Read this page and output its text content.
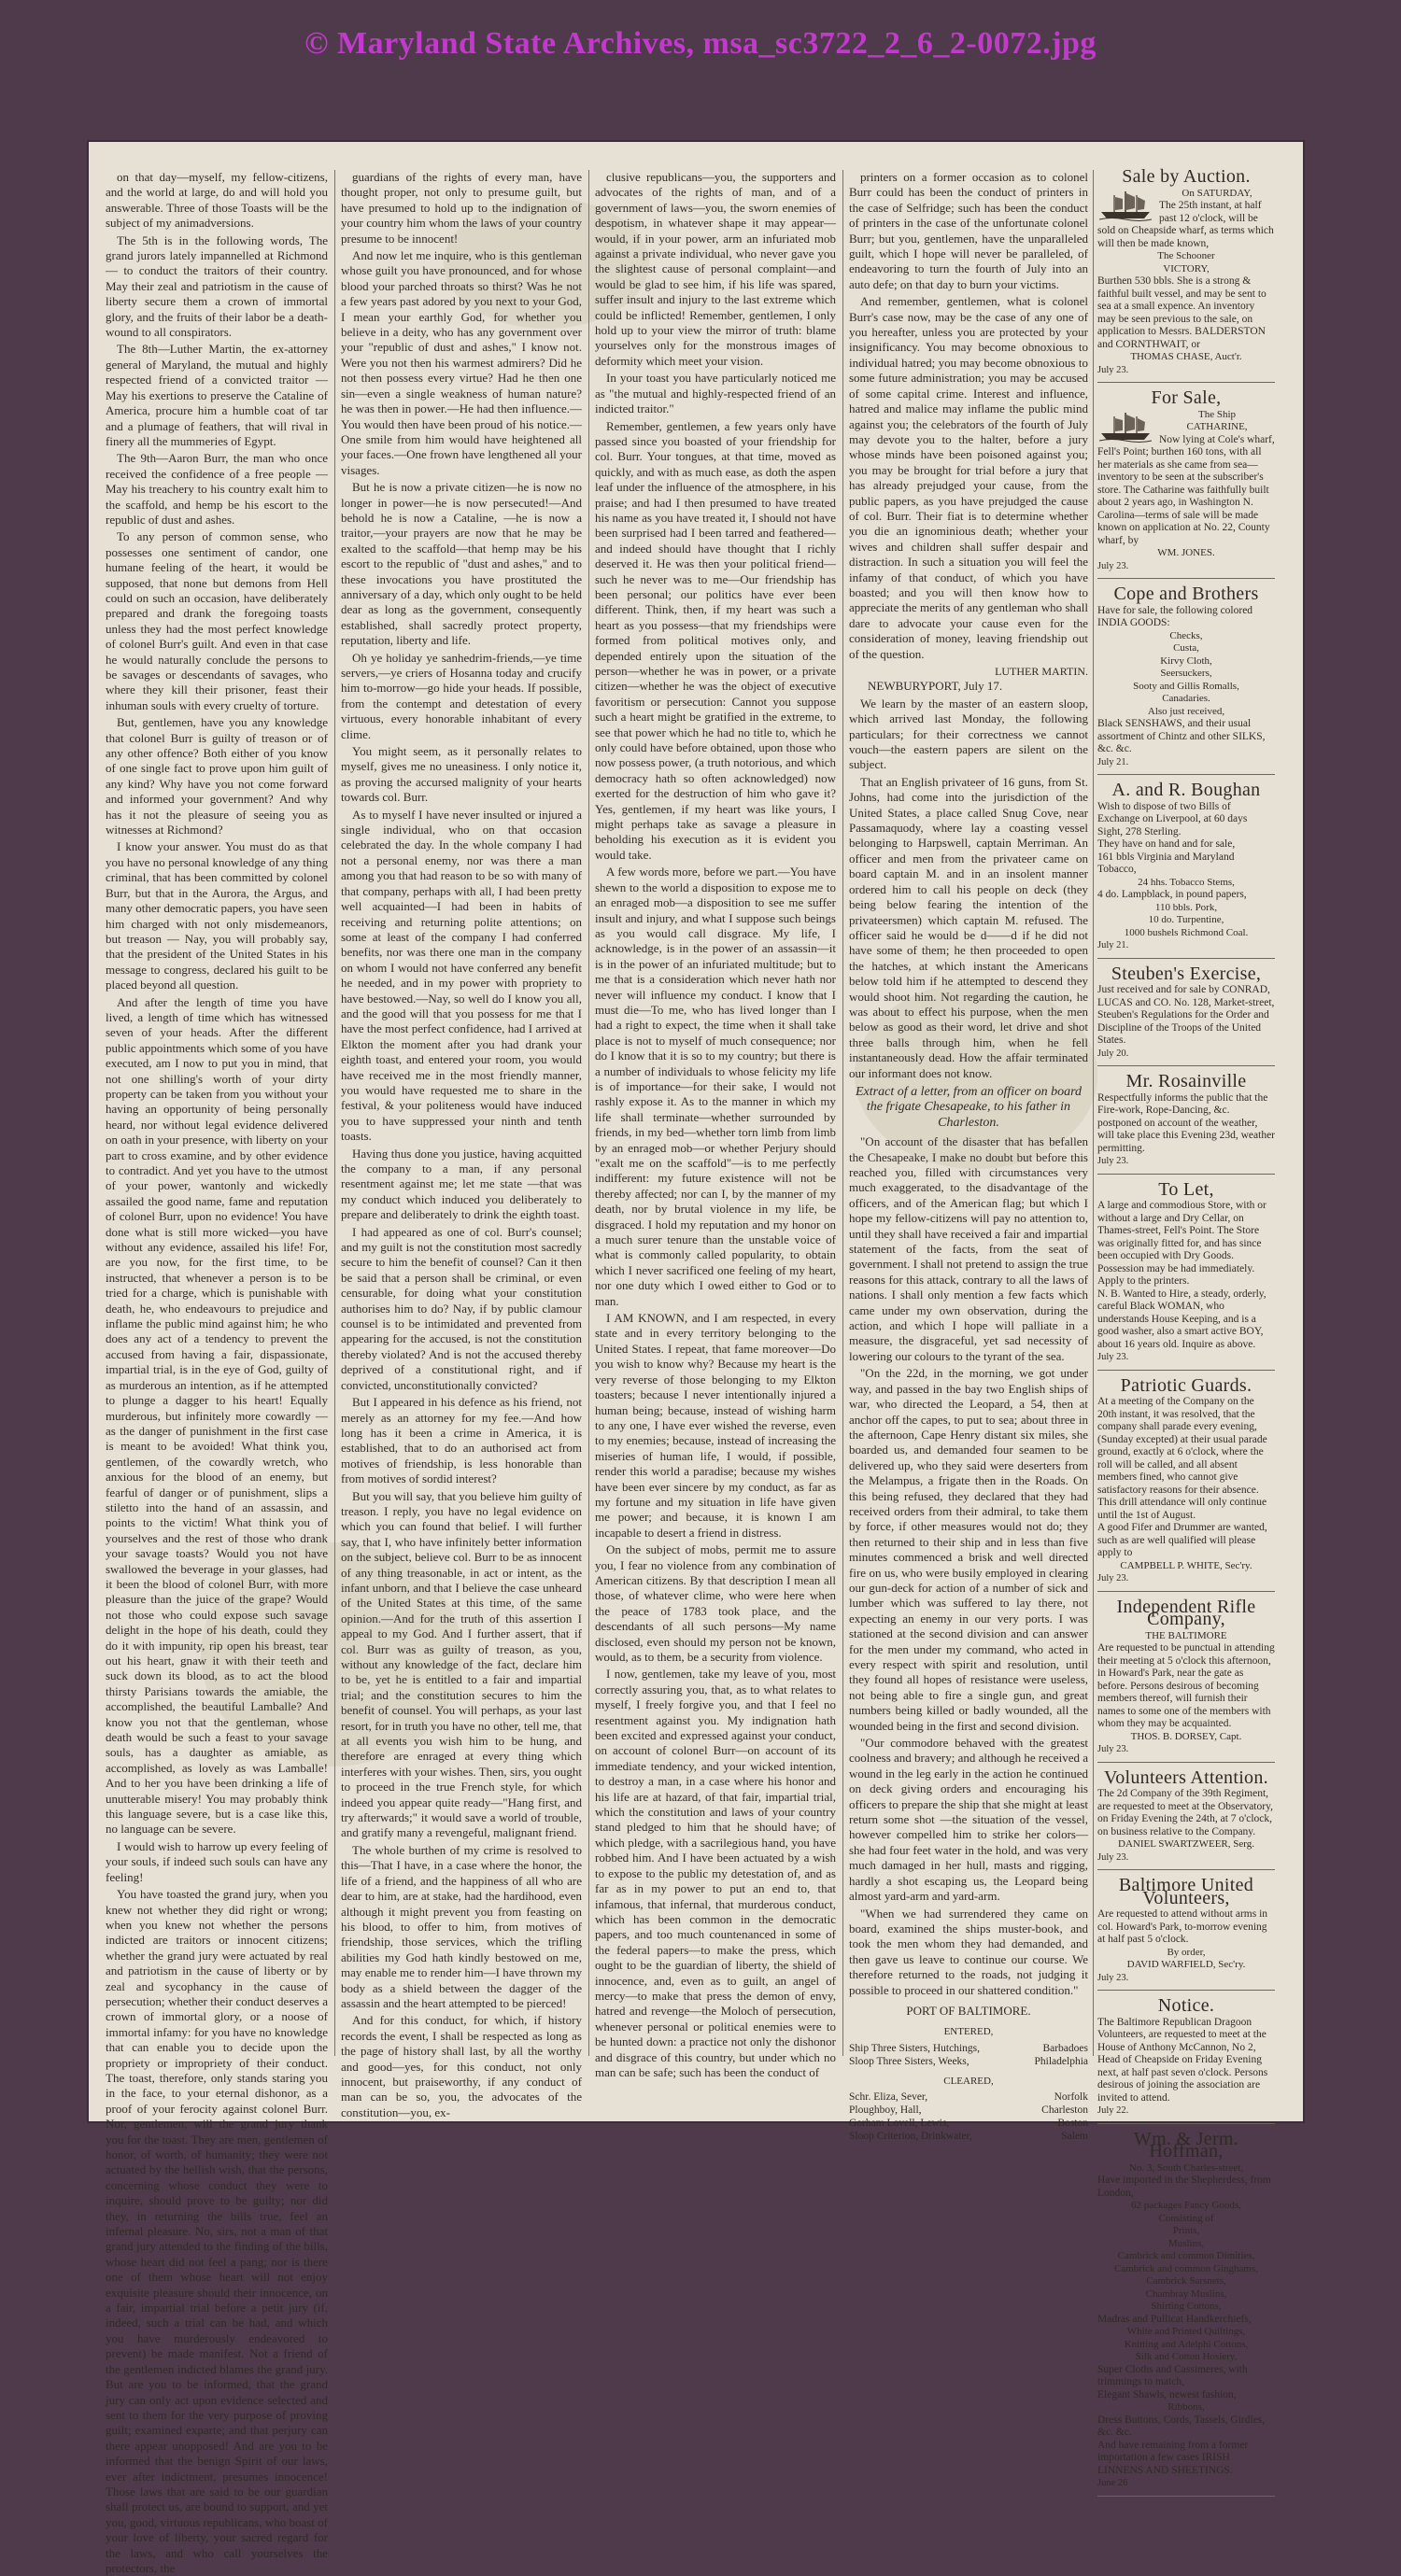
© Maryland State Archives, msa_sc3722_2_6_2-0072.jpg

on that day—myself, my fellow-citizens, and the world at large, do and will hold you answerable. Three of those Toasts will be the subject of my animadversions.

The 5th is in the following words, The grand jurors lately impannelled at Richmond — to conduct the traitors of their country. May their zeal and patriotism in the cause of liberty secure them a crown of immortal glory, and the fruits of their labor be a death-wound to all conspirators.

The 8th—Luther Martin, the ex-attorney general of Maryland, the mutual and highly respected friend of a convicted traitor — May his exertions to preserve the Cataline of America, procure him a humble coat of tar and a plumage of feathers, that will rival in finery all the mummeries of Egypt.

The 9th—Aaron Burr, the man who once received the confidence of a free people — May his treachery to his country exalt him to the scaffold, and hemp be his escort to the republic of dust and ashes.

To any person of common sense, who possesses one sentiment of candor, one humane feeling of the heart, it would be supposed, that none but demons from Hell could on such an occasion, have deliberately prepared and drank the foregoing toasts unless they had the most perfect knowledge of colonel Burr's guilt. And even in that case he would naturally conclude the persons to be savages or descendants of savages, who where they kill their prisoner, feast their inhuman souls with every cruelty of torture.

But, gentlemen, have you any knowledge that colonel Burr is guilty of treason or of any other offence? Both either of you know of one single fact to prove upon him guilt of any kind? Why have you not come forward and informed your government? And why has it not the pleasure of seeing you as witnesses at Richmond?

I know your answer. You must do as that you have no personal knowledge of any thing criminal, that has been committed by colonel Burr, but that in the Aurora, the Argus, and many other democratic papers, you have seen him charged with not only misdemeanors, but treason — Nay, you will probably say, that the president of the United States in his message to congress, declared his guilt to be placed beyond all question.

And after the length of time you have lived, a length of time which has witnessed seven of your heads. After the different public appointments which some of you have executed, am I now to put you in mind, that not one shilling's worth of your dirty property can be taken from you without your having an opportunity of being personally heard, nor without legal evidence delivered on oath in your presence, with liberty on your part to cross examine, and by other evidence to contradict. And yet you have to the utmost of your power, wantonly and wickedly assailed the good name, fame and reputation of colonel Burr, upon no evidence! You have done what is still more wicked—you have without any evidence, assailed his life! For, are you now, for the first time, to be instructed, that whenever a person is to be tried for a charge, which is punishable with death, he, who endeavours to prejudice and inflame the public mind against him; he who does any act of a tendency to prevent the accused from having a fair, dispassionate, impartial trial, is in the eye of God, guilty of as murderous an intention, as if he attempted to plunge a dagger to his heart! Equally murderous, but infinitely more cowardly — as the danger of punishment in the first case is meant to be avoided! What think you, gentlemen, of the cowardly wretch, who anxious for the blood of an enemy, but fearful of danger or of punishment, slips a stiletto into the hand of an assassin, and points to the victim! What think you of yourselves and the rest of those who drank your savage toasts? Would you not have swallowed the beverage in your glasses, had it been the blood of colonel Burr, with more pleasure than the juice of the grape? Would not those who could expose such savage delight in the hope of his death, could they do it with impunity, rip open his breast, tear out his heart, gnaw it with their teeth and suck down its blood, as to act the blood thirsty Parisians towards the amiable, the accomplished, the beautiful Lamballe? And know you not that the gentleman, whose death would be such a feast to your savage souls, has a daughter as amiable, as accomplished, as lovely as was Lamballe! And to her you have been drinking a life of unutterable misery! You may probably think this language severe, but is a case like this, no language can be severe.

I would wish to harrow up every feeling of your souls, if indeed such souls can have any feeling!

You have toasted the grand jury, when you knew not whether they did right or wrong; when you knew not whether the persons indicted are traitors or innocent citizens; whether the grand jury were actuated by real and patriotism in the cause of liberty or by zeal and sycophancy in the cause of persecution; whether their conduct deserves a crown of immortal glory, or a noose of immortal infamy: for you have no knowledge that can enable you to decide upon the propriety or impropriety of their conduct. The toast, therefore, only stands staring you in the face, to your eternal dishonor, as a proof of your ferocity against colonel Burr. Nor, gentlemen, will the grand jury thank you for the toast. They are men, gentlemen of honor, of worth, of humanity; they were not actuated by the hellish wish, that the persons, concerning whose conduct they were to inquire, should prove to be guilty; nor did they, in returning the bills true, feel an infernal pleasure. No, sirs, not a man of that grand jury attended to the finding of the bills, whose heart did not feel a pang; nor is there one of them whose heart will not enjoy exquisite pleasure should their innocence, on a fair, impartial trial before a petit jury (if, indeed, such a trial can be had, and which you have murderously endeavored to prevent) be made manifest. Not a friend of the gentlemen indicted blames the grand jury. But are you to be informed, that the grand jury can only act upon evidence selected and sent to them for the very purpose of proving guilt; examined exparte; and that perjury can there appear unopposed! And are you to be informed that the benign Spirit of our laws, ever after indictment, presumes innocence! Those laws that are said to be our guardian shall protect us, are bound to support, and yet you, good, virtuous republicans, who boast of your love of liberty, your sacred regard for the laws, and who call yourselves the protectors, the

guardians of the rights of every man, have thought proper, not only to presume guilt, but have presumed to hold up to the indignation of your country him whom the laws of your country presume to be innocent!

And now let me inquire, who is this gentleman whose guilt you have pronounced, and for whose blood your parched throats so thirst? Was he not a few years past adored by you next to your God, I mean your earthly God, for whether you believe in a deity, who has any government over your "republic of dust and ashes," I know not. Were you not then his warmest admirers? Did he not then possess every virtue? Had he then one sin—even a single weakness of human nature? he was then in power.—He had then influence.—You would then have been proud of his notice.—One smile from him would have heightened all your faces.—One frown have lengthened all your visages.

But he is now a private citizen—he is now no longer in power—he is now persecuted!—And behold he is now a Cataline, —he is now a traitor,—your prayers are now that he may be exalted to the scaffold—that hemp may be his escort to the republic of "dust and ashes," and to these invocations you have prostituted the anniversary of a day, which only ought to be held dear as long as the government, consequently established, shall sacredly protect property, reputation, liberty and life.

Oh ye holiday ye sanhedrim-friends,—ye time servers,—ye criers of Hosanna today and crucify him to-morrow—go hide your heads. If possible, from the contempt and detestation of every virtuous, every honorable inhabitant of every clime.

You might seem, as it personally relates to myself, gives me no uneasiness. I only notice it, as proving the accursed malignity of your hearts towards col. Burr.

As to myself I have never insulted or injured a single individual, who on that occasion celebrated the day. In the whole company I had not a personal enemy, nor was there a man among you that had reason to be so with many of that company, perhaps with all, I had been pretty well acquainted—I had been in habits of receiving and returning polite attentions; on some at least of the company I had conferred benefits, nor was there one man in the company on whom I would not have conferred any benefit he needed, and in my power with propriety to have bestowed.—Nay, so well do I know you all, and the good will that you possess for me that I have the most perfect confidence, had I arrived at Elkton the moment after you had drank your eighth toast, and entered your room, you would have received me in the most friendly manner, you would have requested me to share in the festival, & your politeness would have induced you to have suppressed your ninth and tenth toasts.

Having thus done you justice, having acquitted the company to a man, if any personal resentment against me; let me state —that was my conduct which induced you deliberately to prepare and deliberately to drink the eighth toast.

I had appeared as one of col. Burr's counsel; and my guilt is not the constitution most sacredly secure to him the benefit of counsel? Can it then be said that a person shall be criminal, or even censurable, for doing what your constitution authorises him to do? Nay, if by public clamour counsel is to be intimidated and prevented from appearing for the accused, is not the constitution thereby violated? And is not the accused thereby deprived of a constitutional right, and if convicted, unconstitutionally convicted?

But I appeared in his defence as his friend, not merely as an attorney for my fee.—And how long has it been a crime in America, it is established, that to do an authorised act from motives of friendship, is less honorable than from motives of sordid interest?

But you will say, that you believe him guilty of treason. I reply, you have no legal evidence on which you can found that belief. I will further say, that I, who have infinitely better information on the subject, believe col. Burr to be as innocent of any thing treasonable, in act or intent, as the infant unborn, and that I believe the case unheard of the United States at this time, of the same opinion.—And for the truth of this assertion I appeal to my God. And I further assert, that if col. Burr was as guilty of treason, as you, without any knowledge of the fact, declare him to be, yet he is entitled to a fair and impartial trial; and the constitution secures to him the benefit of counsel. You will perhaps, as your last resort, for in truth you have no other, tell me, that at all events you wish him to be hung, and therefore are enraged at every thing which interferes with your wishes. Then, sirs, you ought to proceed in the true French style, for which indeed you appear quite ready—"Hang first, and try afterwards;" it would save a world of trouble, and gratify many a revengeful, malignant friend.

The whole burthen of my crime is resolved to this—That I have, in a case where the honor, the life of a friend, and the happiness of all who are dear to him, are at stake, had the hardihood, even although it might prevent you from feasting on his blood, to offer to him, from motives of friendship, those services, which the trifling abilities my God hath kindly bestowed on me, may enable me to render him—I have thrown my body as a shield between the dagger of the assassin and the heart attempted to be pierced!

And for this conduct, for which, if history records the event, I shall be respected as long as the page of history shall last, by all the worthy and good—yes, for this conduct, not only innocent, but praiseworthy, if any conduct of man can be so, you, the advocates of the constitution—you, ex-

clusive republicans—you, the supporters and advocates of the rights of man, and of a government of laws—you, the sworn enemies of despotism, in whatever shape it may appear—would, if in your power, arm an infuriated mob against a private individual, who never gave you the slightest cause of personal complaint—and would be glad to see him, if his life was spared, suffer insult and injury to the last extreme which could be inflicted! Remember, gentlemen, I only hold up to your view the mirror of truth: blame yourselves only for the monstrous images of deformity which meet your vision.

In your toast you have particularly noticed me as "the mutual and highly-respected friend of an indicted traitor."

Remember, gentlemen, a few years only have passed since you boasted of your friendship for col. Burr. Your tongues, at that time, moved as quickly, and with as much ease, as doth the aspen leaf under the influence of the atmosphere, in his praise; and had I then presumed to have treated his name as you have treated it, I should not have been surprised had I been tarred and feathered—and indeed should have thought that I richly deserved it. He was then your political friend—such he never was to me—Our friendship has been personal; our politics have ever been different. Think, then, if my heart was such a heart as you possess—that my friendships were formed from political motives only, and depended entirely upon the situation of the person—whether he was in power, or a private citizen—whether he was the object of executive favoritism or persecution: Cannot you suppose such a heart might be gratified in the extreme, to see that power which he had no title to, which he only could have before obtained, upon those who now possess power, (a truth notorious, and which democracy hath so often acknowledged) now exerted for the destruction of him who gave it? Yes, gentlemen, if my heart was like yours, I might perhaps take as savage a pleasure in beholding his execution as it is evident you would take.

A few words more, before we part.—You have shewn to the world a disposition to expose me to an enraged mob—a disposition to see me suffer insult and injury, and what I suppose such beings as you would call disgrace. My life, I acknowledge, is in the power of an assassin—it is in the power of an infuriated multitude; but to me that is a consideration which never hath nor never will influence my conduct. I know that I must die—To me, who has lived longer than I had a right to expect, the time when it shall take place is not to myself of much consequence; nor do I know that it is so to my country; but there is a number of individuals to whose felicity my life is of importance—for their sake, I would not rashly expose it. As to the manner in which my life shall terminate—whether surrounded by friends, in my bed—whether torn limb from limb by an enraged mob—or whether Perjury should "exalt me on the scaffold"—is to me perfectly indifferent: my future existence will not be thereby affected; nor can I, by the manner of my death, nor by brutal violence in my life, be disgraced. I hold my reputation and my honor on a much surer tenure than the unstable voice of what is commonly called popularity, to obtain which I never sacrificed one feeling of my heart, nor one duty which I owed either to God or to man.

I AM KNOWN, and I am respected, in every state and in every territory belonging to the United States. I repeat, that fame moreover—Do you wish to know why? Because my heart is the very reverse of those belonging to my Elkton toasters; because I never intentionally injured a human being; because, instead of wishing harm to any one, I have ever wished the reverse, even to my enemies; because, instead of increasing the miseries of human life, I would, if possible, render this world a paradise; because my wishes have been ever sincere by my conduct, as far as my fortune and my situation in life have given me power; and because, it is known I am incapable to desert a friend in distress.

On the subject of mobs, permit me to assure you, I fear no violence from any combination of American citizens. By that description I mean all those, of whatever clime, who were here when the peace of 1783 took place, and the descendants of all such persons—My name disclosed, even should my person not be known, would, as to them, be a security from violence.

I now, gentlemen, take my leave of you, most correctly assuring you, that, as to what relates to myself, I freely forgive you, and that I feel no resentment against you. My indignation hath been excited and expressed against your conduct, on account of colonel Burr—on account of its immediate tendency, and your wicked intention, to destroy a man, in a case where his honor and his life are at hazard, of that fair, impartial trial, which the constitution and laws of your country stand pledged to him that he should have; of which pledge, with a sacrilegious hand, you have robbed him. And I have been actuated by a wish to expose to the public my detestation of, and as far as in my power to put an end to, that infamous, that infernal, that murderous conduct, which has been common in the democratic papers, and too much countenanced in some of the federal papers—to make the press, which ought to be the guardian of liberty, the shield of innocence, and, even as to guilt, an angel of mercy—to make that press the demon of envy, hatred and revenge—the Moloch of persecution, whenever personal or political enemies were to be hunted down: a practice not only the dishonor and disgrace of this country, but under which no man can be safe; such has been the conduct of

printers on a former occasion as to colonel Burr could has been the conduct of printers in the case of Selfridge; such has been the conduct of printers in the case of the unfortunate colonel Burr; but you, gentlemen, have the unparalleled guilt, which I hope will never be paralleled, of endeavoring to turn the fourth of July into an auto defe; on that day to burn your victims.

And remember, gentlemen, what is colonel Burr's case now, may be the case of any one of you hereafter, unless you are protected by your insignificancy. You may become obnoxious to individual hatred; you may become obnoxious to some future administration; you may be accused of some capital crime. Interest and influence, hatred and malice may inflame the public mind against you; the celebrators of the fourth of July may devote you to the halter, before a jury whose minds have been poisoned against you; you may be brought for trial before a jury that has already prejudged your cause, from the public papers, as you have prejudged the cause of col. Burr. Their fiat is to determine whether you die an ignominious death; whether your wives and children shall suffer despair and distraction. In such a situation you will feel the infamy of that conduct, of which you have boasted; and you will then know how to appreciate the merits of any gentleman who shall dare to advocate your cause even for the consideration of money, leaving friendship out of the question.

LUTHER MARTIN.

NEWBURYPORT, July 17.

We learn by the master of an eastern sloop, which arrived last Monday, the following particulars; for their correctness we cannot vouch—the eastern papers are silent on the subject.

That an English privateer of 16 guns, from St. Johns, had come into the jurisdiction of the United States, a place called Snug Cove, near Passamaquody, where lay a coasting vessel belonging to Harpswell, captain Merriman. An officer and men from the privateer came on board captain M. and in an insolent manner ordered him to call his people on deck (they being below fearing the intention of the privateersmen) which captain M. refused. The officer said he would be d——d if he did not have some of them; he then proceeded to open the hatches, at which instant the Americans below told him if he attempted to descend they would shoot him. Not regarding the caution, he was about to effect his purpose, when the men below as good as their word, let drive and shot three balls through him, when he fell instantaneously dead. How the affair terminated our informant does not know.

Extract of a letter, from an officer on board the frigate Chesapeake, to his father in Charleston.

"On account of the disaster that has befallen the Chesapeake, I make no doubt but before this reached you, filled with circumstances very much exaggerated, to the disadvantage of the officers, and of the American flag; but which I hope my fellow-citizens will pay no attention to, until they shall have received a fair and impartial statement of the facts, from the seat of government. I shall not pretend to assign the true reasons for this attack, contrary to all the laws of nations. I shall only mention a few facts which came under my own observation, during the action, and which I hope will palliate in a measure, the disgraceful, yet sad necessity of lowering our colours to the tyrant of the sea.

"On the 22d, in the morning, we got under way, and passed in the bay two English ships of war, who directed the Leopard, a 54, then at anchor off the capes, to put to sea; about three in the afternoon, Cape Henry distant six miles, she boarded us, and demanded four seamen to be delivered up, who they said were deserters from the Melampus, a frigate then in the Roads. On this being refused, they declared that they had received orders from their admiral, to take them by force, if other measures would not do; they then returned to their ship and in less than five minutes commenced a brisk and well directed fire on us, who were busily employed in clearing our gun-deck for action of a number of sick and lumber which was suffered to lay there, not expecting an enemy in our very ports. I was stationed at the second division and can answer for the men under my command, who acted in every respect with spirit and resolution, until they found all hopes of resistance were useless, not being able to fire a single gun, and great numbers being killed or badly wounded, all the wounded being in the first and second division.

"Our commodore behaved with the greatest coolness and bravery; and although he received a wound in the leg early in the action he continued on deck giving orders and encouraging his officers to prepare the ship that she might at least return some shot —the situation of the vessel, however compelled him to strike her colors—she had four feet water in the hold, and was very much damaged in her hull, masts and rigging, hardly a shot escaping us, the Leopard being almost yard-arm and yard-arm.

"When we had surrendered they came on board, examined the ships muster-book, and took the men whom they had demanded, and then gave us leave to continue our course. We therefore returned to the roads, not judging it possible to proceed in our shattered condition."

PORT OF BALTIMORE.
ENTERED,
Ship Three Sisters, Hutchings,	Barbadoes
Sloop Three Sisters, Weeks,	Philadelphia
CLEARED,
Schr. Eliza, Sever,	Norfolk
Ploughboy, Hall,	Charleston
Gorham Lovell, Lewis,	Boston
Sloop Criterion, Drinkwater,	Salem
Sale by Auction.
On SATURDAY,
The 25th instant, at half past 12 o'clock, will be sold on Cheapside wharf, as terms which will then be made known,
The Schooner
VICTORY,
Burthen 530 bbls. She is a strong & faithful built vessel, and may be sent to sea at a small expence. An inventory may be seen previous to the sale, on application to Messrs. BALDERSTON and CORNTHWAIT, or
THOMAS CHASE, Auct'r.
July 23.
For Sale,
The Ship
CATHARINE,
Now lying at Cole's wharf, Fell's Point; burthen 160 tons, with all her materials as she came from sea—inventory to be seen at the subscriber's store. The Catharine was faithfully built about 2 years ago, in Washington N. Carolina—terms of sale will be made known on application at No. 22, County wharf, by
WM. JONES.
July 23.
Cope and Brothers
Have for sale, the following colored INDIA GOODS:
Checks,
Custa,
Kirvy Cloth,
Seersuckers,
Sooty and Gillis Romalls,
Canadaries.
Also just received,
Black SENSHAWS, and their usual assortment of Chintz and other SILKS, &c. &c.
July 21.
A. and R. Boughan
Wish to dispose of two Bills of Exchange on Liverpool, at 60 days Sight, 278 Sterling.
They have on hand and for sale,
161 bbls Virginia and Maryland Tobacco,
24 hhs. Tobacco Stems,
4 do. Lampblack, in pound papers,
110 bbls. Pork,
10 do. Turpentine,
1000 bushels Richmond Coal.
July 21.
Steuben's Exercise,
Just received and for sale by CONRAD, LUCAS and CO. No. 128, Market-street, Steuben's Regulations for the Order and Discipline of the Troops of the United States.
July 20.
Mr. Rosainville
Respectfully informs the public that the Fire-work, Rope-Dancing, &c. postponed on account of the weather, will take place this Evening 23d, weather permitting.
July 23.
To Let,
A large and commodious Store, with or without a large and Dry Cellar, on Thames-street, Fell's Point. The Store was originally fitted for, and has since been occupied with Dry Goods. Possession may be had immediately. Apply to the printers.
N. B. Wanted to Hire, a steady, orderly, careful Black WOMAN, who understands House Keeping, and is a good washer, also a smart active BOY, about 16 years old. Inquire as above.
July 23.
Patriotic Guards.
At a meeting of the Company on the 20th instant, it was resolved, that the company shall parade every evening, (Sunday excepted) at their usual parade ground, exactly at 6 o'clock, where the roll will be called, and all absent members fined, who cannot give satisfactory reasons for their absence. This drill attendance will only continue until the 1st of August.
A good Fifer and Drummer are wanted, such as are well qualified will please apply to
CAMPBELL P. WHITE, Sec'ry.
July 23.
Independent Rifle Company,
THE BALTIMORE
Are requested to be punctual in attending their meeting at 5 o'clock this afternoon, in Howard's Park, near the gate as before. Persons desirous of becoming members thereof, will furnish their names to some one of the members with whom they may be acquainted.
THOS. B. DORSEY, Capt.
July 23.
Volunteers Attention.
The 2d Company of the 39th Regiment, are requested to meet at the Observatory, on Friday Evening the 24th, at 7 o'clock, on business relative to the Company.
DANIEL SWARTZWEER, Serg.
July 23.
Baltimore United Volunteers,
Are requested to attend without arms in col. Howard's Park, to-morrow evening at half past 5 o'clock.
By order,
DAVID WARFIELD, Sec'ry.
July 23.
Notice.
The Baltimore Republican Dragoon Volunteers, are requested to meet at the House of Anthony McCannon, No 2, Head of Cheapside on Friday Evening next, at half past seven o'clock. Persons desirous of joining the association are invited to attend.
July 22.
Wm. & Jerm. Hoffman,
No. 3, South Charles-street,
Have imported in the Shepherdess, from London,
62 packages Fancy Goods,
Consisting of
Prints,
Muslins,
Cambrick and common Dimities,
Cambrick and common Ginghams,
Cambrick Sarsnets,
Chambray Muslins,
Shirting Cottons,
Madras and Pullicat Handkerchiefs,
White and Printed Quiltings,
Knitting and Adelphi Cottons,
Silk and Cotton Hosiery,
Super Cloths and Cassimeres, with trimmings to match,
Elegant Shawls, newest fashion,
Ribbons,
Dress Buttons, Cords, Tassels, Girdles, &c. &c.
And have remaining from a former importation a few cases IRISH LINNENS AND SHEETINGS.
June 26
